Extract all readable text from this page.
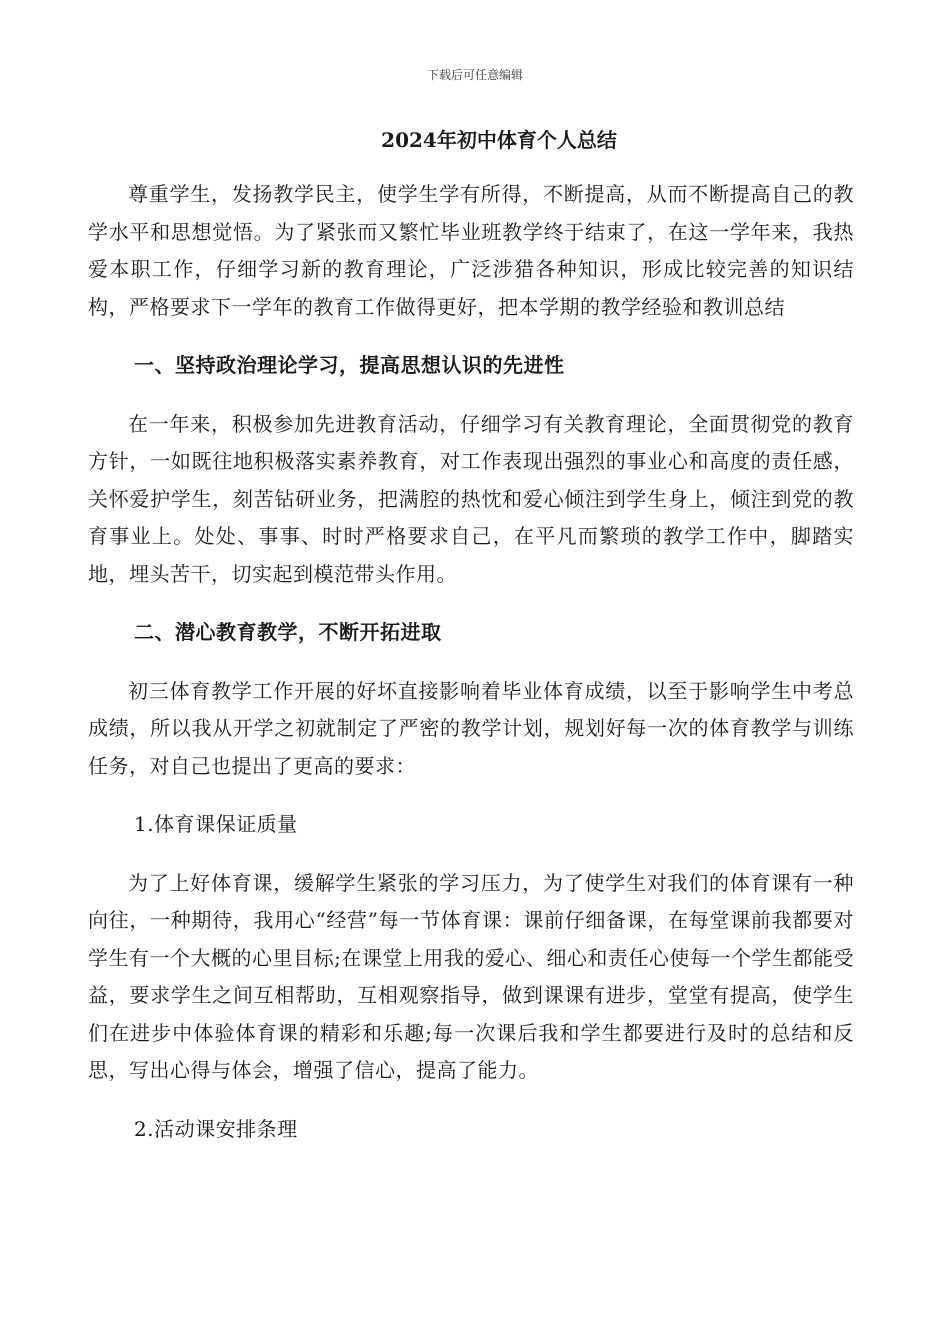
下载后可任意编辑
2024年初中体育个人总结

尊重学生，发扬教学民主，使学生学有所得，不断提高，从而不断提高自己的教学水平和思想觉悟。为了紧张而又繁忙毕业班教学终于结束了，在这一学年来，我热爱本职工作，仔细学习新的教育理论，广泛涉猎各种知识，形成比较完善的知识结构，严格要求下一学年的教育工作做得更好，把本学期的教学经验和教训总结

一、坚持政治理论学习，提高思想认识的先进性

在一年来，积极参加先进教育活动，仔细学习有关教育理论，全面贯彻党的教育方针，一如既往地积极落实素养教育，对工作表现出强烈的事业心和高度的责任感，关怀爱护学生，刻苦钻研业务，把满腔的热忱和爱心倾注到学生身上，倾注到党的教育事业上。处处、事事、时时严格要求自己，在平凡而繁琐的教学工作中，脚踏实地，埋头苦干，切实起到模范带头作用。

二、潜心教育教学，不断开拓进取

初三体育教学工作开展的好坏直接影响着毕业体育成绩，以至于影响学生中考总成绩，所以我从开学之初就制定了严密的教学计划，规划好每一次的体育教学与训练任务，对自己也提出了更高的要求：

1.体育课保证质量

为了上好体育课，缓解学生紧张的学习压力，为了使学生对我们的体育课有一种向往，一种期待，我用心“经营”每一节体育课：课前仔细备课，在每堂课前我都要对学生有一个大概的心里目标;在课堂上用我的爱心、细心和责任心使每一个学生都能受益，要求学生之间互相帮助，互相观察指导，做到课课有进步，堂堂有提高，使学生们在进步中体验体育课的精彩和乐趣;每一次课后我和学生都要进行及时的总结和反思，写出心得与体会，增强了信心，提高了能力。

2.活动课安排条理
